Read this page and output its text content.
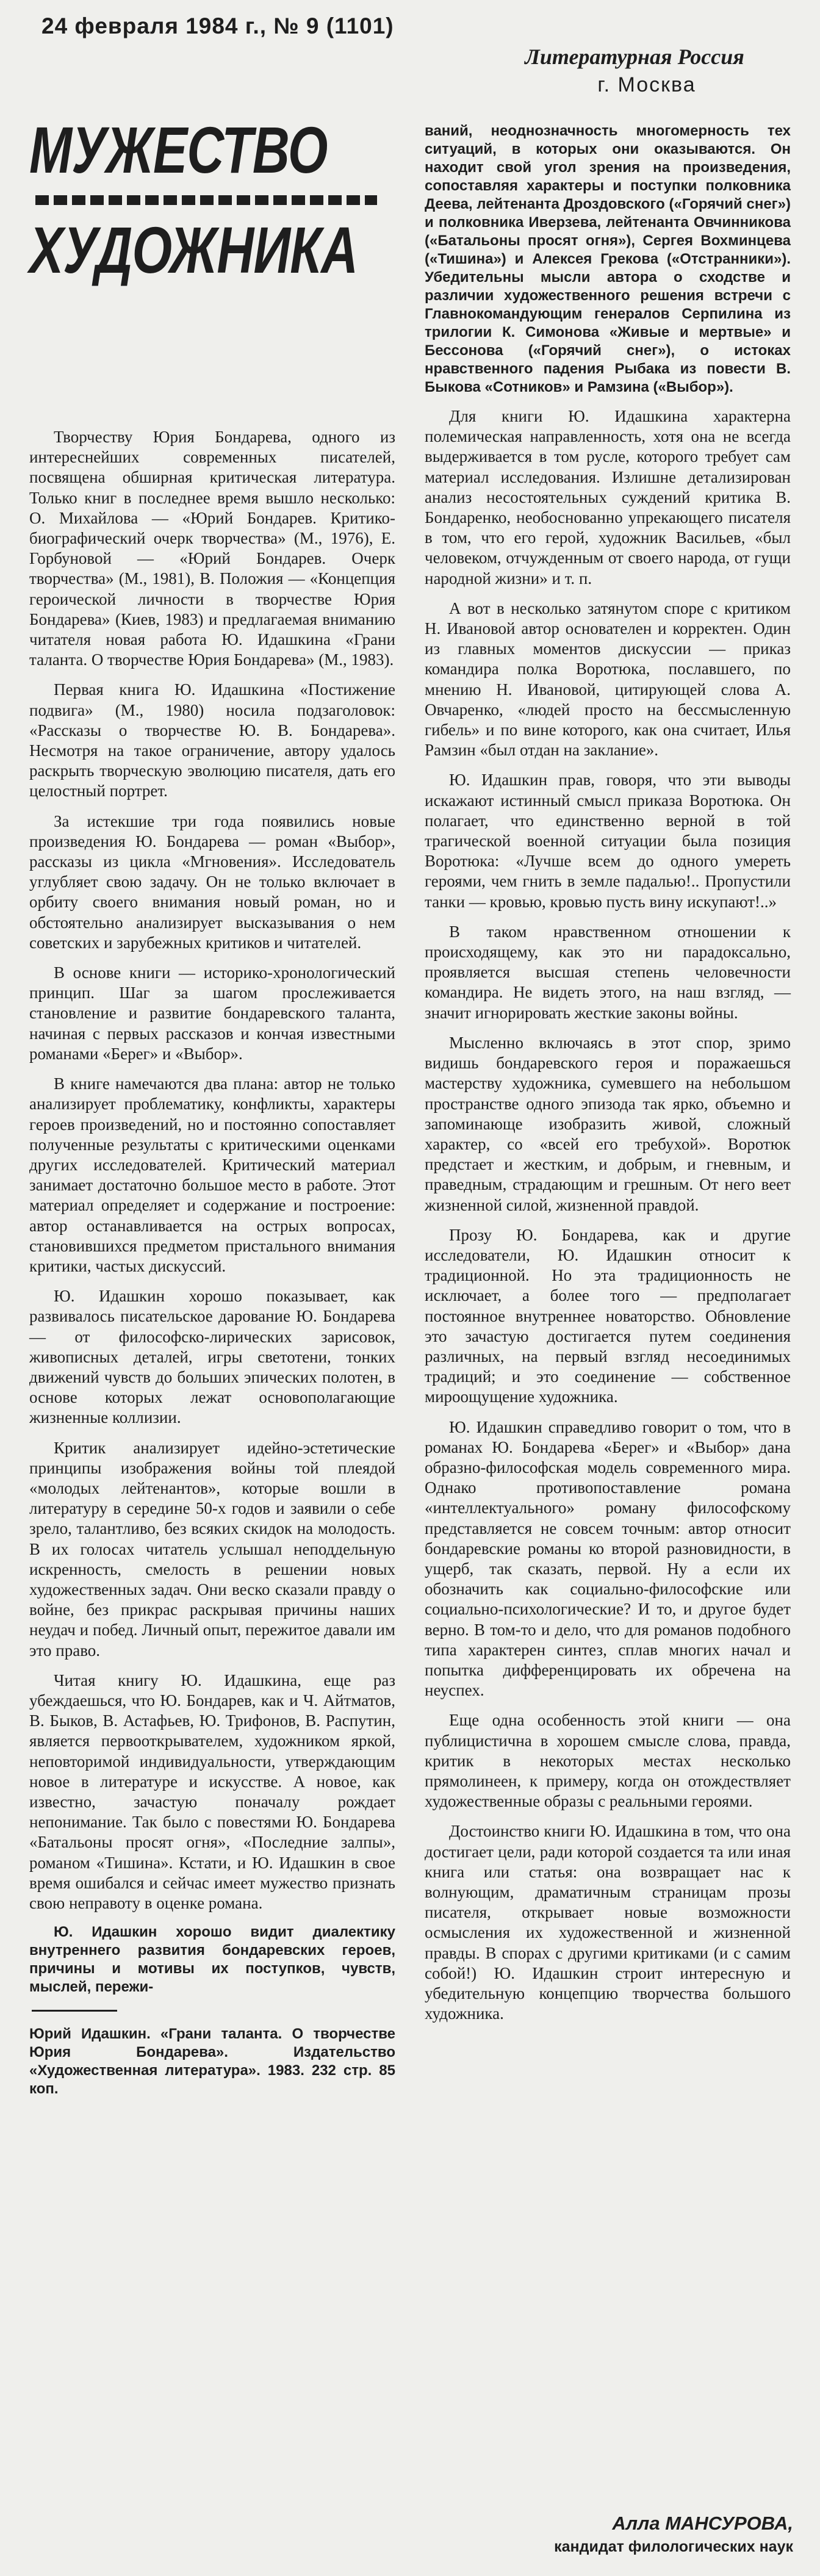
24 февраля 1984 г., № 9 (1101)
Литературная Россия
г. Москва
МУЖЕСТВО
ХУДОЖНИКА

Творчеству Юрия Бондарева, одного из интереснейших современных писателей, посвящена обширная критическая литература. Только книг в последнее время вышло несколько: О. Михайлова — «Юрий Бондарев. Критико-биографический очерк творчества» (М., 1976), Е. Горбуновой — «Юрий Бондарев. Очерк творчества» (М., 1981), В. Положия — «Концепция героической личности в творчестве Юрия Бондарева» (Киев, 1983) и предлагаемая вниманию читателя новая работа Ю. Идашкина «Грани таланта. О творчестве Юрия Бондарева» (М., 1983).

Первая книга Ю. Идашкина «Постижение подвига» (М., 1980) носила подзаголовок: «Рассказы о творчестве Ю. В. Бондарева». Несмотря на такое ограничение, автору удалось раскрыть творческую эволюцию писателя, дать его целостный портрет.

За истекшие три года появились новые произведения Ю. Бондарева — роман «Выбор», рассказы из цикла «Мгновения». Исследователь углубляет свою задачу. Он не только включает в орбиту своего внимания новый роман, но и обстоятельно анализирует высказывания о нем советских и зарубежных критиков и читателей.

В основе книги — историко-хронологический принцип. Шаг за шагом прослеживается становление и развитие бондаревского таланта, начиная с первых рассказов и кончая известными романами «Берег» и «Выбор».

В книге намечаются два плана: автор не только анализирует проблематику, конфликты, характеры героев произведений, но и постоянно сопоставляет полученные результаты с критическими оценками других исследователей. Критический материал занимает достаточно большое место в работе. Этот материал определяет и содержание и построение: автор останавливается на острых вопросах, становившихся предметом пристального внимания критики, частых дискуссий.

Ю. Идашкин хорошо показывает, как развивалось писательское дарование Ю. Бондарева — от философско-лирических зарисовок, живописных деталей, игры светотени, тонких движений чувств до больших эпических полотен, в основе которых лежат основополагающие жизненные коллизии.

Критик анализирует идейно-эстетические принципы изображения войны той плеядой «молодых лейтенантов», которые вошли в литературу в середине 50-х годов и заявили о себе зрело, талантливо, без всяких скидок на молодость. В их голосах читатель услышал неподдельную искренность, смелость в решении новых художественных задач. Они веско сказали правду о войне, без прикрас раскрывая причины наших неудач и побед. Личный опыт, пережитое давали им это право.

Читая книгу Ю. Идашкина, еще раз убеждаешься, что Ю. Бондарев, как и Ч. Айтматов, В. Быков, В. Астафьев, Ю. Трифонов, В. Распутин, является первооткрывателем, художником яркой, неповторимой индивидуальности, утверждающим новое в литературе и искусстве. А новое, как известно, зачастую поначалу рождает непонимание. Так было с повестями Ю. Бондарева «Батальоны просят огня», «Последние залпы», романом «Тишина». Кстати, и Ю. Идашкин в свое время ошибался и сейчас имеет мужество признать свою неправоту в оценке романа.

Ю. Идашкин хорошо видит диалектику внутреннего развития бондаревских героев, причины и мотивы их поступков, чувств, мыслей, пережи-

Юрий Идашкин. «Грани таланта. О творчестве Юрия Бондарева». Издательство «Художественная литература». 1983. 232 стр. 85 коп.

ваний, неоднозначность многомерность тех ситуаций, в которых они оказываются. Он находит свой угол зрения на произведения, сопоставляя характеры и поступки полковника Деева, лейтенанта Дроздовского («Горячий снег») и полковника Иверзева, лейтенанта Овчинникова («Батальоны просят огня»), Сергея Вохминцева («Тишина») и Алексея Грекова («Отстранники»). Убедительны мысли автора о сходстве и различии художественного решения встречи с Главнокомандующим генералов Серпилина из трилогии К. Симонова «Живые и мертвые» и Бессонова («Горячий снег»), о истоках нравственного падения Рыбака из повести В. Быкова «Сотников» и Рамзина («Выбор»).

Для книги Ю. Идашкина характерна полемическая направленность, хотя она не всегда выдерживается в том русле, которого требует сам материал исследования. Излишне детализирован анализ несостоятельных суждений критика В. Бондаренко, необоснованно упрекающего писателя в том, что его герой, художник Васильев, «был человеком, отчужденным от своего народа, от гущи народной жизни» и т. п.

А вот в несколько затянутом споре с критиком Н. Ивановой автор основателен и корректен. Один из главных моментов дискуссии — приказ командира полка Воротюка, пославшего, по мнению Н. Ивановой, цитирующей слова А. Овчаренко, «людей просто на бессмысленную гибель» и по вине которого, как она считает, Илья Рамзин «был отдан на заклание».

Ю. Идашкин прав, говоря, что эти выводы искажают истинный смысл приказа Воротюка. Он полагает, что единственно верной в той трагической военной ситуации была позиция Воротюка: «Лучше всем до одного умереть героями, чем гнить в земле падалью!.. Пропустили танки — кровью, кровью пусть вину искупают!..»

В таком нравственном отношении к происходящему, как это ни парадоксально, проявляется высшая степень человечности командира. Не видеть этого, на наш взгляд, — значит игнорировать жесткие законы войны.

Мысленно включаясь в этот спор, зримо видишь бондаревского героя и поражаешься мастерству художника, сумевшего на небольшом пространстве одного эпизода так ярко, объемно и запоминающе изобразить живой, сложный характер, со «всей его требухой». Воротюк предстает и жестким, и добрым, и гневным, и праведным, страдающим и грешным. От него веет жизненной силой, жизненной правдой.

Прозу Ю. Бондарева, как и другие исследователи, Ю. Идашкин относит к традиционной. Но эта традиционность не исключает, а более того — предполагает постоянное внутреннее новаторство. Обновление это зачастую достигается путем соединения различных, на первый взгляд несоединимых традиций; и это соединение — собственное мироощущение художника.

Ю. Идашкин справедливо говорит о том, что в романах Ю. Бондарева «Берег» и «Выбор» дана образно-философская модель современного мира. Однако противопоставление романа «интеллектуального» роману философскому представляется не совсем точным: автор относит бондаревские романы ко второй разновидности, в ущерб, так сказать, первой. Ну а если их обозначить как социально-философские или социально-психологические? И то, и другое будет верно. В том-то и дело, что для романов подобного типа характерен синтез, сплав многих начал и попытка дифференцировать их обречена на неуспех.

Еще одна особенность этой книги — она публицистична в хорошем смысле слова, правда, критик в некоторых местах несколько прямолинеен, к примеру, когда он отождествляет художественные образы с реальными героями.

Достоинство книги Ю. Идашкина в том, что она достигает цели, ради которой создается та или иная книга или статья: она возвращает нас к волнующим, драматичным страницам прозы писателя, открывает новые возможности осмысления их художественной и жизненной правды. В спорах с другими критиками (и с самим собой!) Ю. Идашкин строит интересную и убедительную концепцию творчества большого художника.

Алла МАНСУРОВА,
кандидат филологических наук
